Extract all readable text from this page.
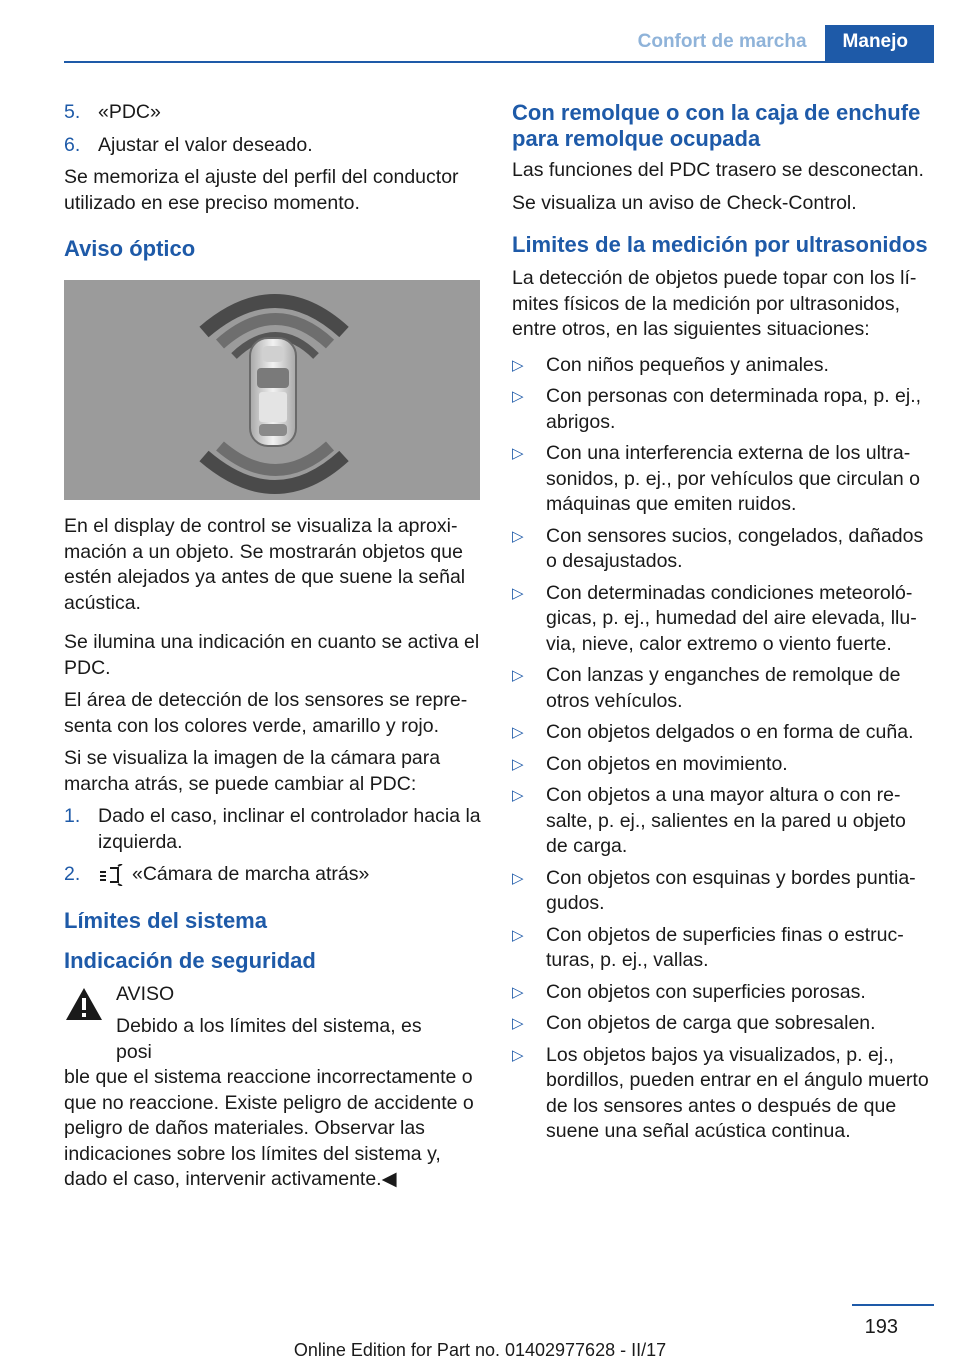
Confort de marcha	Manejo
5. «PDC»
6. Ajustar el valor deseado.

Se memoriza el ajuste del perfil del conductor utilizado en ese preciso momento.

Aviso óptico

En el display de control se visualiza la aproximación a un objeto. Se mostrarán objetos que estén alejados ya antes de que suene la señal acústica.

Se ilumina una indicación en cuanto se activa el PDC.

El área de detección de los sensores se representa con los colores verde, amarillo y rojo.

Si se visualiza la imagen de la cámara para marcha atrás, se puede cambiar al PDC:

1. Dado el caso, inclinar el controlador hacia la izquierda.
2.	«Cámara de marcha atrás»
Límites del sistema
Indicación de seguridad
AVISO
Debido a los límites del sistema, es posi

ble que el sistema reaccione incorrectamente o que no reaccione. Existe peligro de accidente o peligro de daños materiales. Observar las indicaciones sobre los límites del sistema y, dado el caso, intervenir activamente.◀

Con remolque o con la caja de enchufe para remolque ocupada

Las funciones del PDC trasero se desconectan.

Se visualiza un aviso de Check-Control.

Limites de la medición por ultrasonidos

La detección de objetos puede topar con los límites físicos de la medición por ultrasonidos, entre otros, en las siguientes situaciones:

▷	Con niños pequeños y animales.
▷	Con personas con determinada ropa, p. ej., abrigos.
▷	Con una interferencia externa de los ultrasonidos, p. ej., por vehículos que circulan o máquinas que emiten ruidos.
▷	Con sensores sucios, congelados, dañados o desajustados.
▷	Con determinadas condiciones meteorológicas, p. ej., humedad del aire elevada, lluvia, nieve, calor extremo o viento fuerte.
▷	Con lanzas y enganches de remolque de otros vehículos.
▷	Con objetos delgados o en forma de cuña.
▷	Con objetos en movimiento.
▷	Con objetos a una mayor altura o con resalte, p. ej., salientes en la pared u objeto de carga.
▷	Con objetos con esquinas y bordes puntiagudos.
▷	Con objetos de superficies finas o estructuras, p. ej., vallas.
▷	Con objetos con superficies porosas.
▷	Con objetos de carga que sobresalen.
▷	Los objetos bajos ya visualizados, p. ej., bordillos, pueden entrar en el ángulo muerto de los sensores antes o después de que suene una señal acústica continua.
193
Online Edition for Part no. 01402977628 - II/17
